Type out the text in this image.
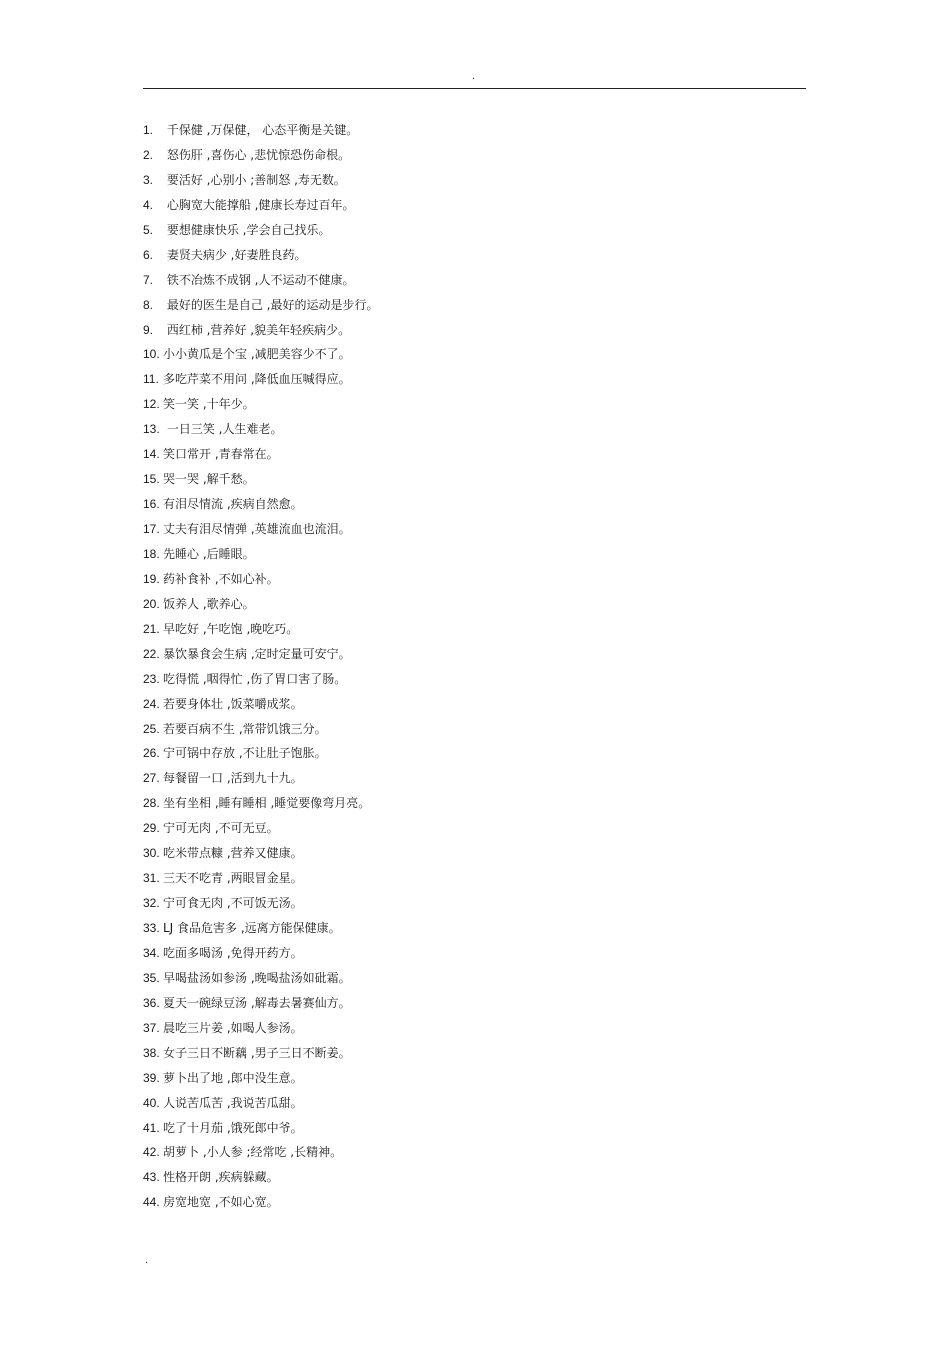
.
1. 千保健 ,万保健， 心态平衡是关键。
2. 怒伤肝 ,喜伤心 ,悲忧惊恐伤命根。
3. 要活好 ,心别小 ;善制怒 ,寿无数。
4. 心胸宽大能撑船 ,健康长寿过百年。
5. 要想健康快乐 ,学会自己找乐。
6. 妻贤夫病少 ,好妻胜良药。
7. 铁不冶炼不成钢 ,人不运动不健康。
8. 最好的医生是自己 ,最好的运动是步行。
9. 西红柿 ,营养好 ,貌美年轻疾病少。
10. 小小黄瓜是个宝 ,减肥美容少不了。
11. 多吃芹菜不用问 ,降低血压喊得应。
12. 笑一笑 ,十年少。
13. 一日三笑 ,人生难老。
14. 笑口常开 ,青春常在。
15. 哭一哭 ,解千愁。
16. 有泪尽情流 ,疾病自然愈。
17. 丈夫有泪尽情弹 ,英雄流血也流泪。
18. 先睡心 ,后睡眼。
19. 药补食补 ,不如心补。
20. 饭养人 ,歌养心。
21. 早吃好 ,午吃饱 ,晚吃巧。
22. 暴饮暴食会生病 ,定时定量可安宁。
23. 吃得慌 ,咽得忙 ,伤了胃口害了肠。
24. 若要身体壮 ,饭菜嚼成浆。
25. 若要百病不生 ,常带饥饿三分。
26. 宁可锅中存放 ,不让肚子饱胀。
27. 每餐留一口 ,活到九十九。
28. 坐有坐相 ,睡有睡相 ,睡觉要像弯月亮。
29. 宁可无肉 ,不可无豆。
30. 吃米带点糠 ,营养又健康。
31. 三天不吃青 ,两眼冒金星。
32. 宁可食无肉 ,不可饭无汤。
33. LJ 食品危害多 ,远离方能保健康。
34. 吃面多喝汤 ,免得开药方。
35. 早喝盐汤如参汤 ,晚喝盐汤如砒霜。
36. 夏天一碗绿豆汤 ,解毒去暑赛仙方。
37. 晨吃三片姜 ,如喝人参汤。
38. 女子三日不断藕 ,男子三日不断姜。
39. 萝卜出了地 ,郎中没生意。
40. 人说苦瓜苦 ,我说苦瓜甜。
41. 吃了十月茄 ,饿死郎中爷。
42. 胡萝卜 ,小人参 ;经常吃 ,长精神。
43. 性格开朗 ,疾病躲藏。
44. 房宽地宽 ,不如心宽。
.
